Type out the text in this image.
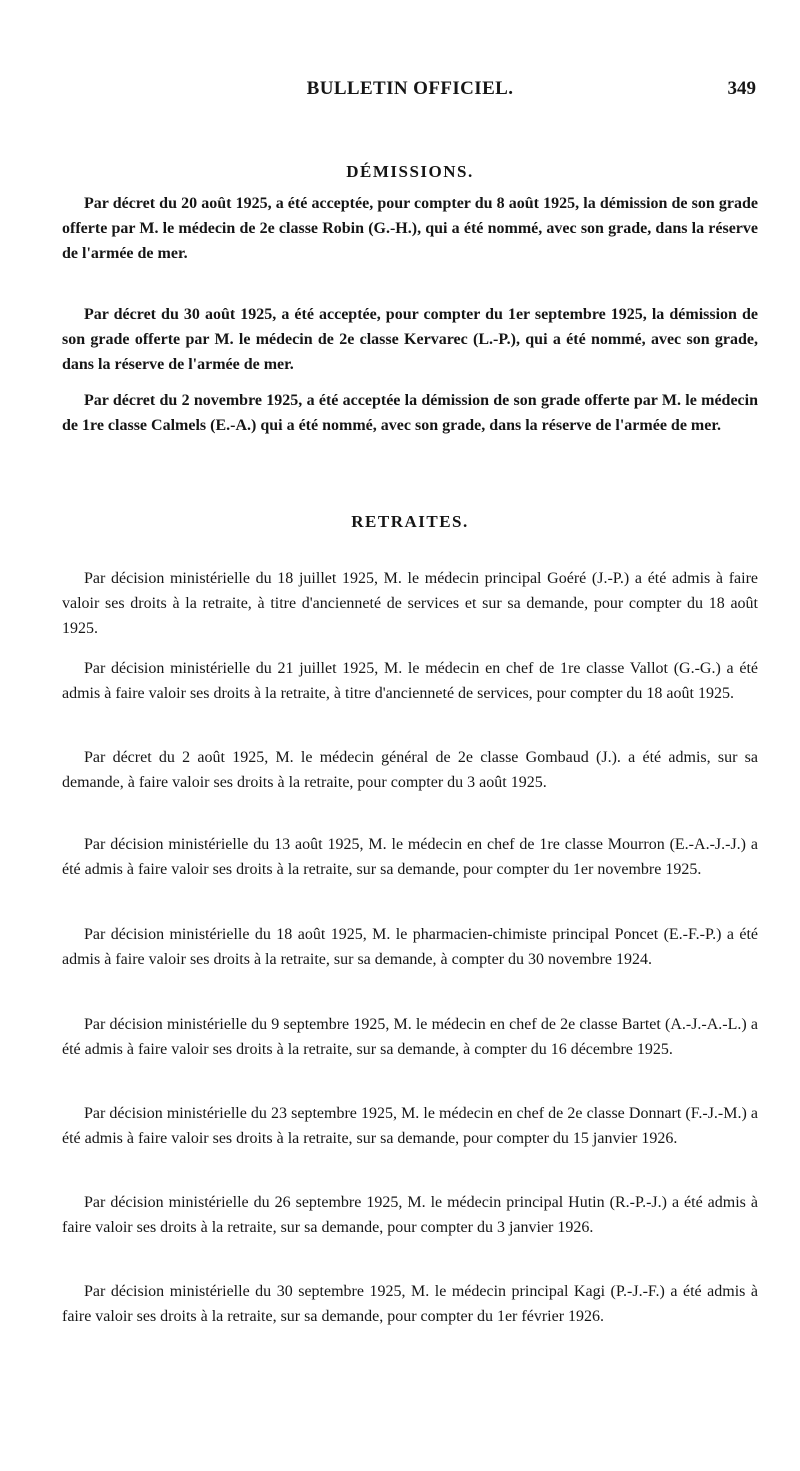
BULLETIN OFFICIEL.	349
DÉMISSIONS.

Par décret du 20 août 1925, a été acceptée, pour compter du 8 août 1925, la démission de son grade offerte par M. le médecin de 2e classe Robin (G.-H.), qui a été nommé, avec son grade, dans la réserve de l'armée de mer.

Par décret du 30 août 1925, a été acceptée, pour compter du 1er septembre 1925, la démission de son grade offerte par M. le médecin de 2e classe Kervarec (L.-P.), qui a été nommé, avec son grade, dans la réserve de l'armée de mer.

Par décret du 2 novembre 1925, a été acceptée la démission de son grade offerte par M. le médecin de 1re classe Calmels (E.-A.) qui a été nommé, avec son grade, dans la réserve de l'armée de mer.

RETRAITES.

Par décision ministérielle du 18 juillet 1925, M. le médecin principal Goéré (J.-P.) a été admis à faire valoir ses droits à la retraite, à titre d'ancienneté de services et sur sa demande, pour compter du 18 août 1925.

Par décision ministérielle du 21 juillet 1925, M. le médecin en chef de 1re classe Vallot (G.-G.) a été admis à faire valoir ses droits à la retraite, à titre d'ancienneté de services, pour compter du 18 août 1925.

Par décret du 2 août 1925, M. le médecin général de 2e classe Gombaud (J.). a été admis, sur sa demande, à faire valoir ses droits à la retraite, pour compter du 3 août 1925.

Par décision ministérielle du 13 août 1925, M. le médecin en chef de 1re classe Mourron (E.-A.-J.-J.) a été admis à faire valoir ses droits à la retraite, sur sa demande, pour compter du 1er novembre 1925.

Par décision ministérielle du 18 août 1925, M. le pharmacien-chimiste principal Poncet (E.-F.-P.) a été admis à faire valoir ses droits à la retraite, sur sa demande, à compter du 30 novembre 1924.

Par décision ministérielle du 9 septembre 1925, M. le médecin en chef de 2e classe Bartet (A.-J.-A.-L.) a été admis à faire valoir ses droits à la retraite, sur sa demande, à compter du 16 décembre 1925.

Par décision ministérielle du 23 septembre 1925, M. le médecin en chef de 2e classe Donnart (F.-J.-M.) a été admis à faire valoir ses droits à la retraite, sur sa demande, pour compter du 15 janvier 1926.

Par décision ministérielle du 26 septembre 1925, M. le médecin principal Hutin (R.-P.-J.) a été admis à faire valoir ses droits à la retraite, sur sa demande, pour compter du 3 janvier 1926.

Par décision ministérielle du 30 septembre 1925, M. le médecin principal Kagi (P.-J.-F.) a été admis à faire valoir ses droits à la retraite, sur sa demande, pour compter du 1er février 1926.
